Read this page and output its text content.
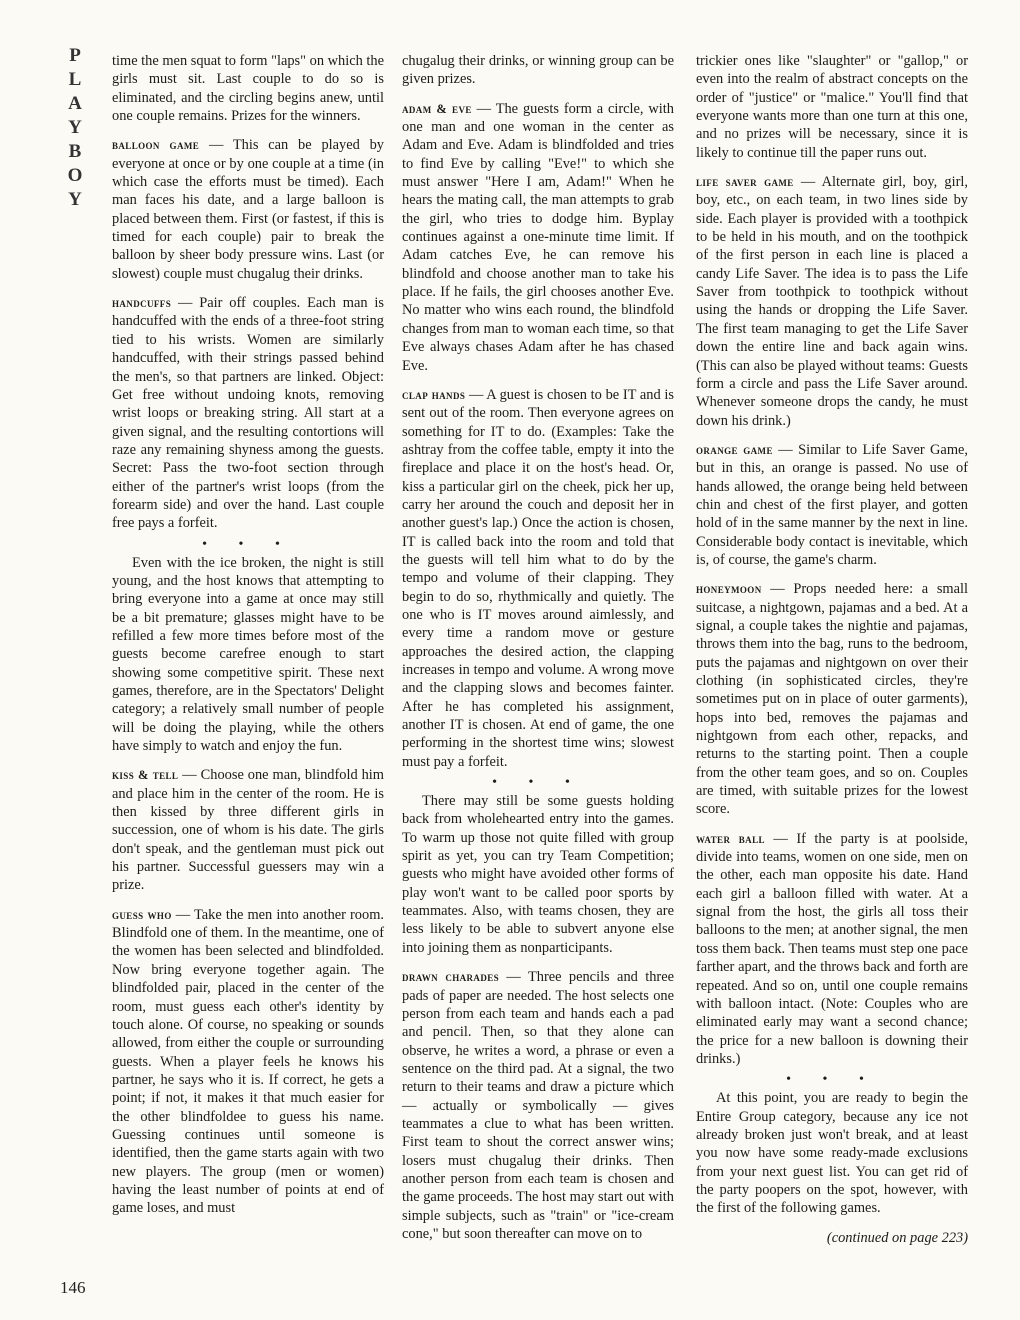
P
L
A
Y
B
O
Y

time the men squat to form "laps" on which the girls must sit. Last couple to do so is eliminated, and the circling begins anew, until one couple remains. Prizes for the winners.

balloon game — This can be played by everyone at once or by one couple at a time (in which case the efforts must be timed). Each man faces his date, and a large balloon is placed between them. First (or fastest, if this is timed for each couple) pair to break the balloon by sheer body pressure wins. Last (or slowest) couple must chugalug their drinks.

handcuffs — Pair off couples. Each man is handcuffed with the ends of a three-foot string tied to his wrists. Women are similarly handcuffed, with their strings passed behind the men's, so that partners are linked. Object: Get free without undoing knots, removing wrist loops or breaking string. All start at a given signal, and the resulting contortions will raze any remaining shyness among the guests. Secret: Pass the two-foot section through either of the partner's wrist loops (from the forearm side) and over the hand. Last couple free pays a forfeit.

• • •

Even with the ice broken, the night is still young, and the host knows that attempting to bring everyone into a game at once may still be a bit premature; glasses might have to be refilled a few more times before most of the guests become carefree enough to start showing some competitive spirit. These next games, therefore, are in the Spectators' Delight category; a relatively small number of people will be doing the playing, while the others have simply to watch and enjoy the fun.

kiss & tell — Choose one man, blindfold him and place him in the center of the room. He is then kissed by three different girls in succession, one of whom is his date. The girls don't speak, and the gentleman must pick out his partner. Successful guessers may win a prize.

guess who — Take the men into another room. Blindfold one of them. In the meantime, one of the women has been selected and blindfolded. Now bring everyone together again. The blindfolded pair, placed in the center of the room, must guess each other's identity by touch alone. Of course, no speaking or sounds allowed, from either the couple or surrounding guests. When a player feels he knows his partner, he says who it is. If correct, he gets a point; if not, it makes it that much easier for the other blindfoldee to guess his name. Guessing continues until someone is identified, then the game starts again with two new players. The group (men or women) having the least number of points at end of game loses, and must

chugalug their drinks, or winning group can be given prizes.

adam & eve — The guests form a circle, with one man and one woman in the center as Adam and Eve. Adam is blindfolded and tries to find Eve by calling "Eve!" to which she must answer "Here I am, Adam!" When he hears the mating call, the man attempts to grab the girl, who tries to dodge him. Byplay continues against a one-minute time limit. If Adam catches Eve, he can remove his blindfold and choose another man to take his place. If he fails, the girl chooses another Eve. No matter who wins each round, the blindfold changes from man to woman each time, so that Eve always chases Adam after he has chased Eve.

clap hands — A guest is chosen to be IT and is sent out of the room. Then everyone agrees on something for IT to do. (Examples: Take the ashtray from the coffee table, empty it into the fireplace and place it on the host's head. Or, kiss a particular girl on the cheek, pick her up, carry her around the couch and deposit her in another guest's lap.) Once the action is chosen, IT is called back into the room and told that the guests will tell him what to do by the tempo and volume of their clapping. They begin to do so, rhythmically and quietly. The one who is IT moves around aimlessly, and every time a random move or gesture approaches the desired action, the clapping increases in tempo and volume. A wrong move and the clapping slows and becomes fainter. After he has completed his assignment, another IT is chosen. At end of game, the one performing in the shortest time wins; slowest must pay a forfeit.

• • •

There may still be some guests holding back from wholehearted entry into the games. To warm up those not quite filled with group spirit as yet, you can try Team Competition; guests who might have avoided other forms of play won't want to be called poor sports by teammates. Also, with teams chosen, they are less likely to be able to subvert anyone else into joining them as nonparticipants.

drawn charades — Three pencils and three pads of paper are needed. The host selects one person from each team and hands each a pad and pencil. Then, so that they alone can observe, he writes a word, a phrase or even a sentence on the third pad. At a signal, the two return to their teams and draw a picture which — actually or symbolically — gives teammates a clue to what has been written. First team to shout the correct answer wins; losers must chugalug their drinks. Then another person from each team is chosen and the game proceeds. The host may start out with simple subjects, such as "train" or "ice-cream cone," but soon thereafter can move on to

trickier ones like "slaughter" or "gallop," or even into the realm of abstract concepts on the order of "justice" or "malice." You'll find that everyone wants more than one turn at this one, and no prizes will be necessary, since it is likely to continue till the paper runs out.

life saver game — Alternate girl, boy, girl, boy, etc., on each team, in two lines side by side. Each player is provided with a toothpick to be held in his mouth, and on the toothpick of the first person in each line is placed a candy Life Saver. The idea is to pass the Life Saver from toothpick to toothpick without using the hands or dropping the Life Saver. The first team managing to get the Life Saver down the entire line and back again wins. (This can also be played without teams: Guests form a circle and pass the Life Saver around. Whenever someone drops the candy, he must down his drink.)

orange game — Similar to Life Saver Game, but in this, an orange is passed. No use of hands allowed, the orange being held between chin and chest of the first player, and gotten hold of in the same manner by the next in line. Considerable body contact is inevitable, which is, of course, the game's charm.

honeymoon — Props needed here: a small suitcase, a nightgown, pajamas and a bed. At a signal, a couple takes the nightie and pajamas, throws them into the bag, runs to the bedroom, puts the pajamas and nightgown on over their clothing (in sophisticated circles, they're sometimes put on in place of outer garments), hops into bed, removes the pajamas and nightgown from each other, repacks, and returns to the starting point. Then a couple from the other team goes, and so on. Couples are timed, with suitable prizes for the lowest score.

water ball — If the party is at poolside, divide into teams, women on one side, men on the other, each man opposite his date. Hand each girl a balloon filled with water. At a signal from the host, the girls all toss their balloons to the men; at another signal, the men toss them back. Then teams must step one pace farther apart, and the throws back and forth are repeated. And so on, until one couple remains with balloon intact. (Note: Couples who are eliminated early may want a second chance; the price for a new balloon is downing their drinks.)

• • •

At this point, you are ready to begin the Entire Group category, because any ice not already broken just won't break, and at least you now have some ready-made exclusions from your next guest list. You can get rid of the party poopers on the spot, however, with the first of the following games.

(continued on page 223)

146
